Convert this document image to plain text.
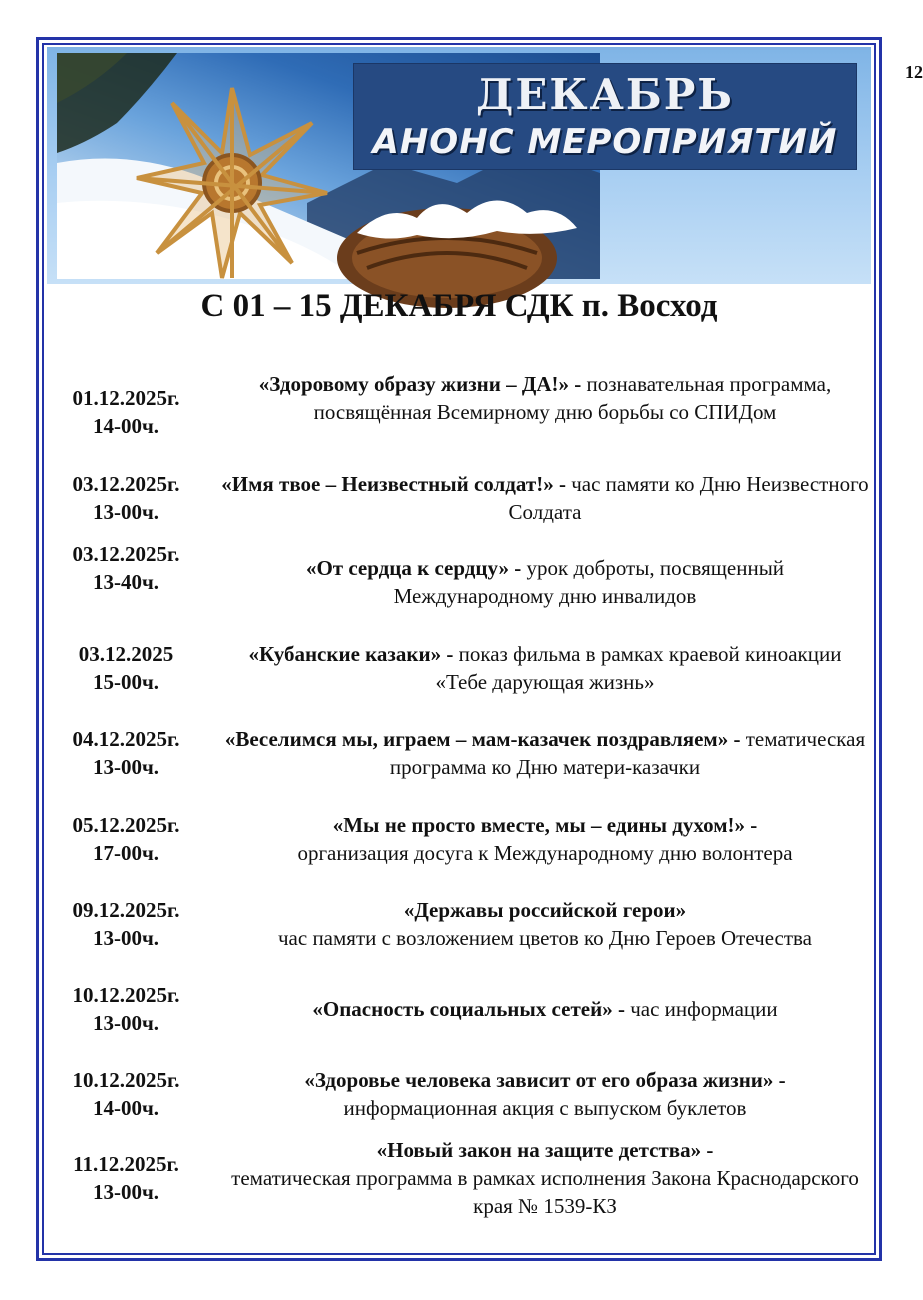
12
ДЕКАБРЬ
АНОНС МЕРОПРИЯТИЙ
С 01 – 15 ДЕКАБРЯ СДК п. Восход
01.12.2025г.
14-00ч.
«Здоровому образу жизни – ДА!» - познавательная программа, посвящённая Всемирному дню борьбы со СПИДом
03.12.2025г.
13-00ч.
«Имя твое – Неизвестный солдат!» - час памяти ко Дню Неизвестного Солдата
03.12.2025г.
13-40ч.
«От сердца к сердцу» - урок доброты, посвященный Международному дню инвалидов
03.12.2025
15-00ч.
«Кубанские казаки» - показ фильма в рамках краевой киноакции «Тебе дарующая жизнь»
04.12.2025г.
13-00ч.
«Веселимся мы, играем – мам-казачек поздравляем» - тематическая программа ко Дню матери-казачки
05.12.2025г.
17-00ч.
«Мы не просто вместе, мы – едины духом!» -
организация досуга к Международному дню волонтера
09.12.2025г.
13-00ч.
«Державы российской герои»
час памяти с возложением цветов ко Дню Героев Отечества
10.12.2025г.
13-00ч.
«Опасность социальных сетей» - час информации
10.12.2025г.
14-00ч.
«Здоровье человека зависит от его образа жизни» -
информационная акция с выпуском буклетов
11.12.2025г.
13-00ч.
«Новый закон на защите детства» -
тематическая программа в рамках исполнения Закона Краснодарского края № 1539-КЗ
